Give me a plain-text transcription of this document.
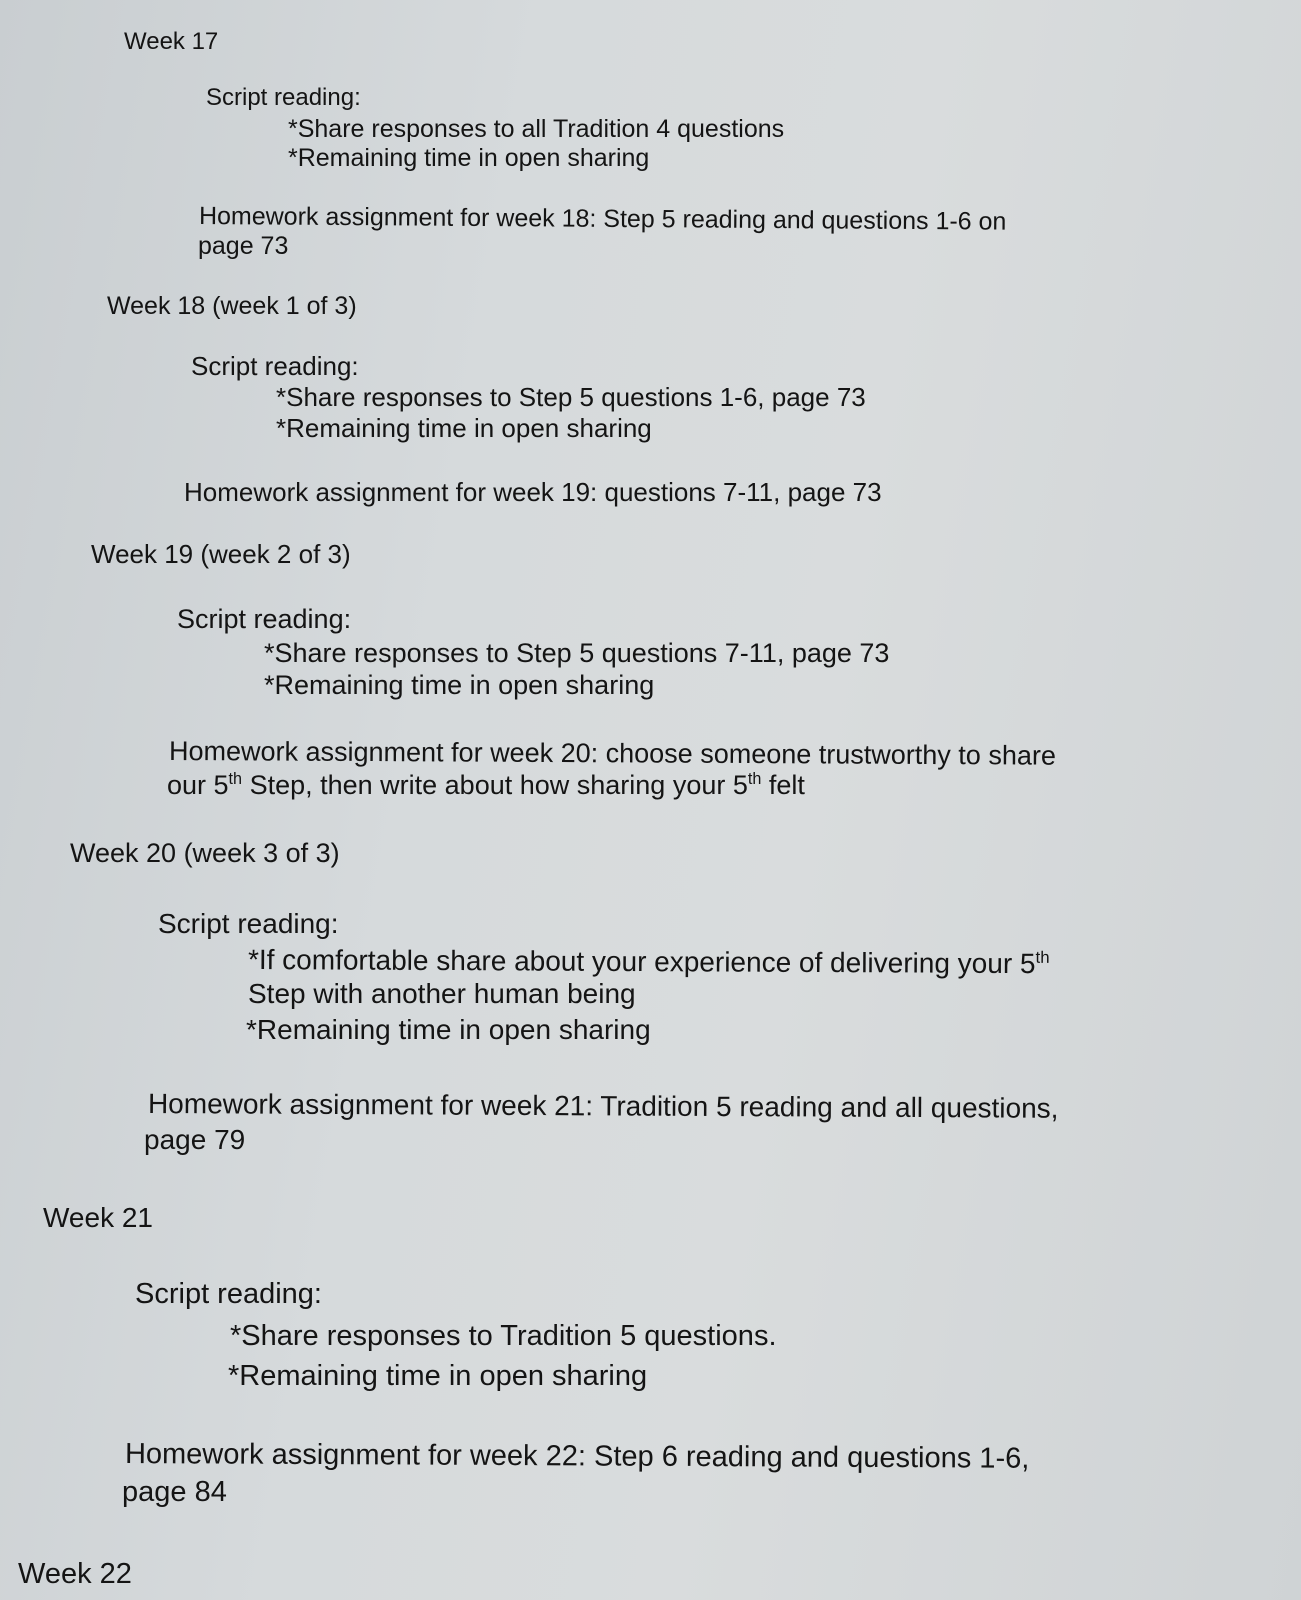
Week 17
Script reading:
*Share responses to all Tradition 4 questions
*Remaining time in open sharing
Homework assignment for week 18: Step 5 reading and questions 1-6 on
page 73
Week 18 (week 1 of 3)
Script reading:
*Share responses to Step 5 questions 1-6, page 73
*Remaining time in open sharing
Homework assignment for week 19: questions 7-11, page 73
Week 19 (week 2 of 3)
Script reading:
*Share responses to Step 5 questions 7-11, page 73
*Remaining time in open sharing
Homework assignment for week 20: choose someone trustworthy to share
our 5th Step, then write about how sharing your 5th felt
Week 20 (week 3 of 3)
Script reading:
*If comfortable share about your experience of delivering your 5th
Step with another human being
*Remaining time in open sharing
Homework assignment for week 21: Tradition 5 reading and all questions,
page 79
Week 21
Script reading:
*Share responses to Tradition 5 questions.
*Remaining time in open sharing
Homework assignment for week 22: Step 6 reading and questions 1-6,
page 84
Week 22
